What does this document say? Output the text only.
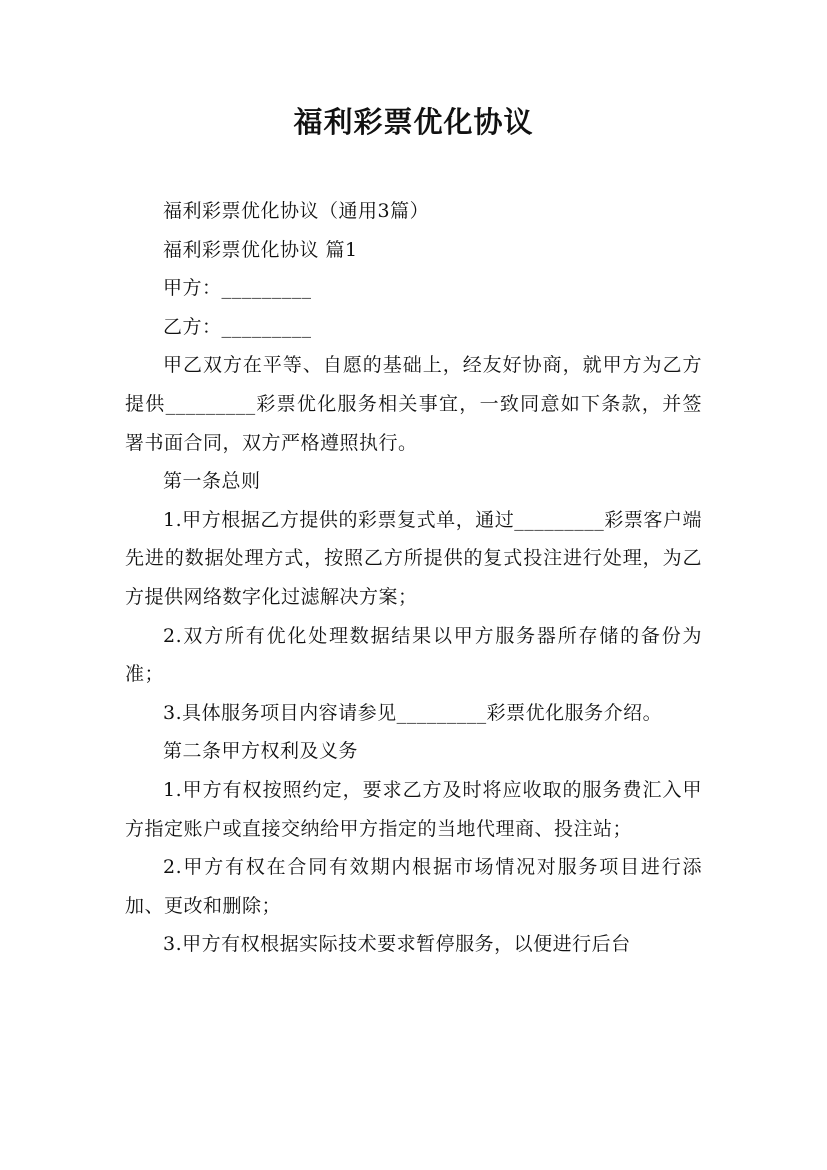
福利彩票优化协议

福利彩票优化协议（通用3篇）

福利彩票优化协议 篇1

甲方：_________

乙方：_________

甲乙双方在平等、自愿的基础上，经友好协商，就甲方为乙方提供_________彩票优化服务相关事宜，一致同意如下条款，并签署书面合同，双方严格遵照执行。

第一条总则

1.甲方根据乙方提供的彩票复式单，通过_________彩票客户端先进的数据处理方式，按照乙方所提供的复式投注进行处理，为乙方提供网络数字化过滤解决方案；

2.双方所有优化处理数据结果以甲方服务器所存储的备份为准；

3.具体服务项目内容请参见_________彩票优化服务介绍。

第二条甲方权利及义务

1.甲方有权按照约定，要求乙方及时将应收取的服务费汇入甲方指定账户或直接交纳给甲方指定的当地代理商、投注站；

2.甲方有权在合同有效期内根据市场情况对服务项目进行添加、更改和删除；

3.甲方有权根据实际技术要求暂停服务，以便进行后台
